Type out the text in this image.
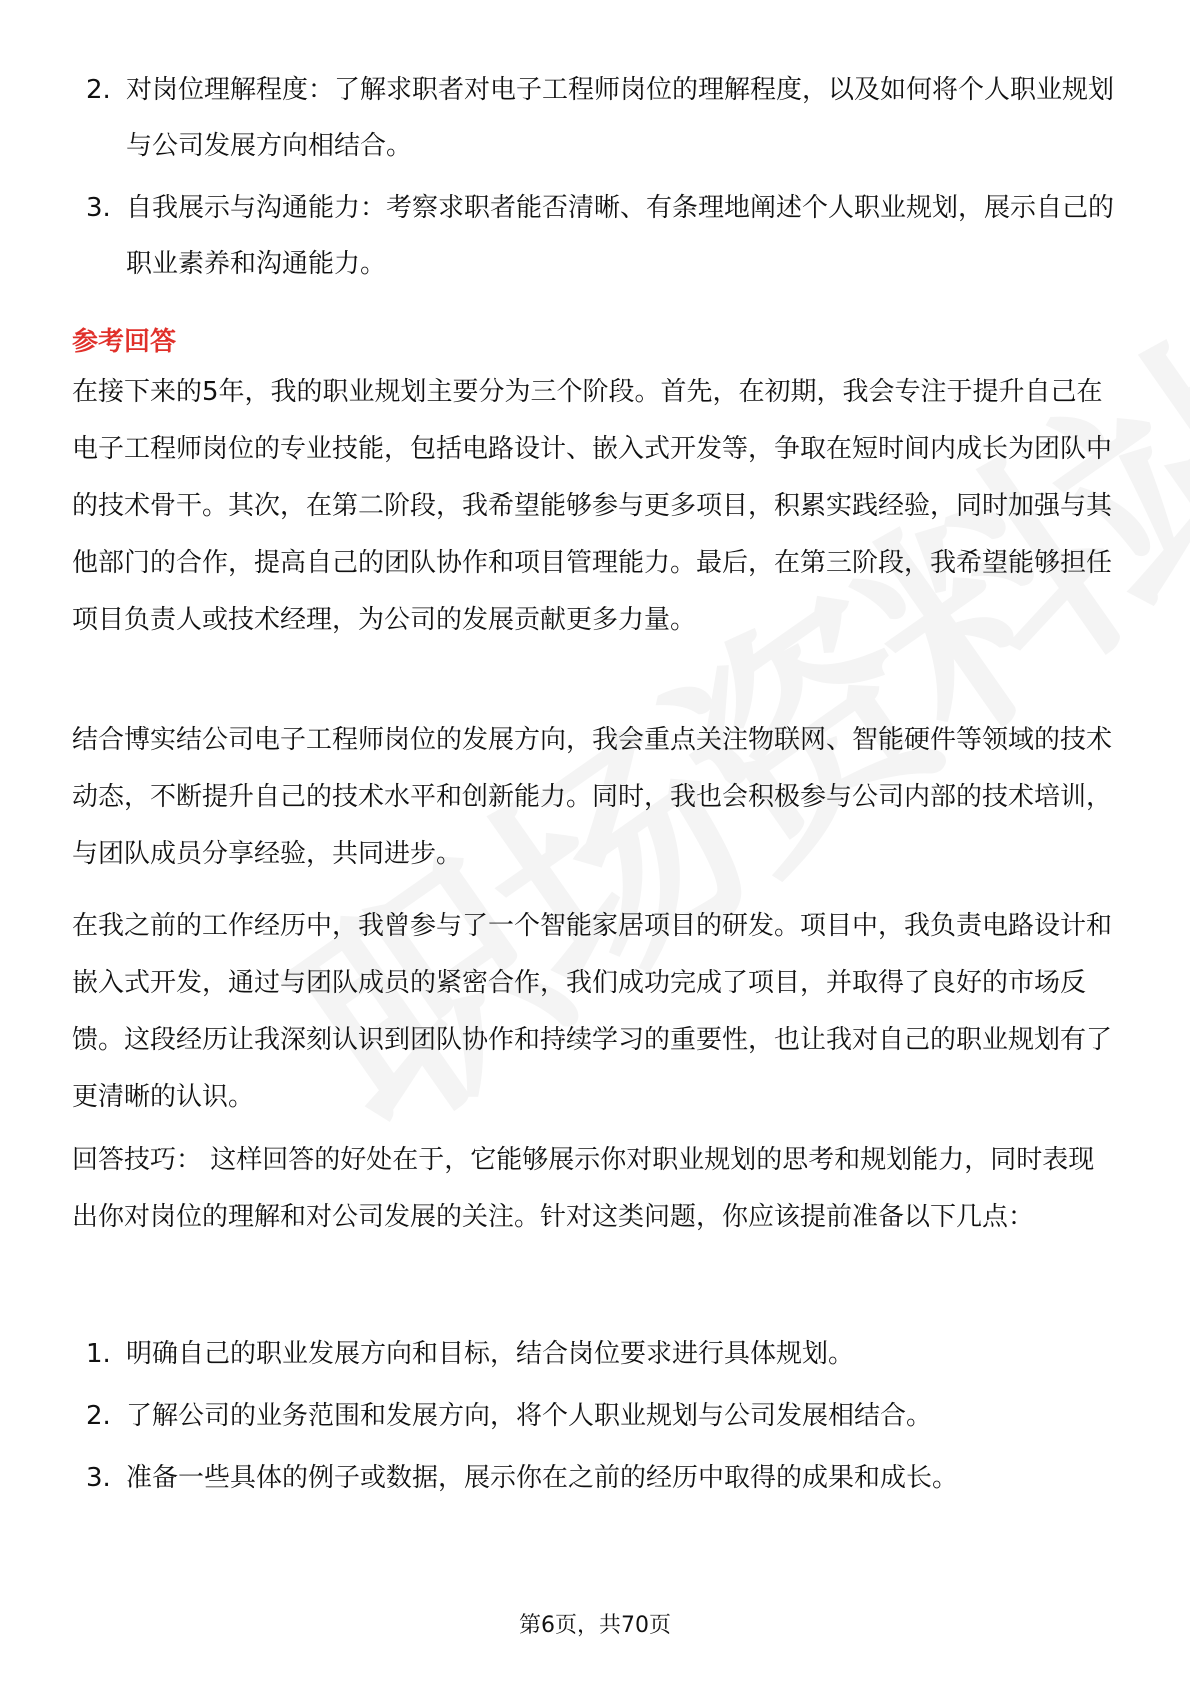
2. 对岗位理解程度：了解求职者对电子工程师岗位的理解程度，以及如何将个人职业规划与公司发展方向相结合。
3. 自我展示与沟通能力：考察求职者能否清晰、有条理地阐述个人职业规划，展示自己的职业素养和沟通能力。
参考回答

在接下来的5年，我的职业规划主要分为三个阶段。首先，在初期，我会专注于提升自己在电子工程师岗位的专业技能，包括电路设计、嵌入式开发等，争取在短时间内成长为团队中的技术骨干。其次，在第二阶段，我希望能够参与更多项目，积累实践经验，同时加强与其他部门的合作，提高自己的团队协作和项目管理能力。最后，在第三阶段，我希望能够担任项目负责人或技术经理，为公司的发展贡献更多力量。

结合博实结公司电子工程师岗位的发展方向，我会重点关注物联网、智能硬件等领域的技术动态，不断提升自己的技术水平和创新能力。同时，我也会积极参与公司内部的技术培训，与团队成员分享经验，共同进步。

在我之前的工作经历中，我曾参与了一个智能家居项目的研发。项目中，我负责电路设计和嵌入式开发，通过与团队成员的紧密合作，我们成功完成了项目，并取得了良好的市场反馈。这段经历让我深刻认识到团队协作和持续学习的重要性，也让我对自己的职业规划有了更清晰的认识。

回答技巧： 这样回答的好处在于，它能够展示你对职业规划的思考和规划能力，同时表现出你对岗位的理解和对公司发展的关注。针对这类问题，你应该提前准备以下几点：

1. 明确自己的职业发展方向和目标，结合岗位要求进行具体规划。
2. 了解公司的业务范围和发展方向，将个人职业规划与公司发展相结合。
3. 准备一些具体的例子或数据，展示你在之前的经历中取得的成果和成长。
第6页，共70页
